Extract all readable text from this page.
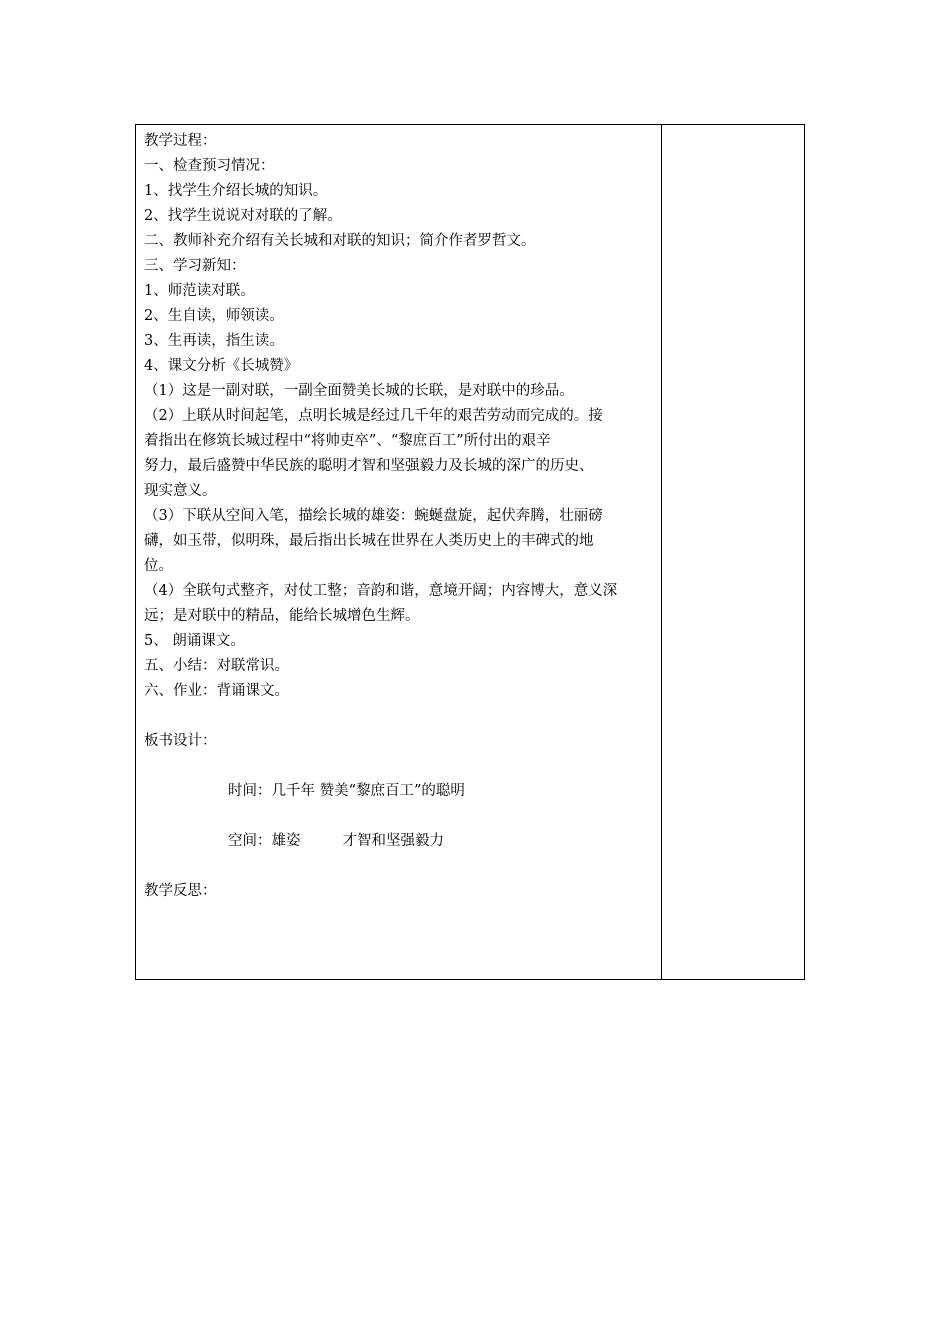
教学过程：
一、检查预习情况：
1、找学生介绍长城的知识。
2、找学生说说对对联的了解。
二、教师补充介绍有关长城和对联的知识；简介作者罗哲文。
三、学习新知：
1、师范读对联。
2、生自读，师领读。
3、生再读，指生读。
4、课文分析《长城赞》
（1）这是一副对联，一副全面赞美长城的长联，是对联中的珍品。
（2）上联从时间起笔，点明长城是经过几千年的艰苦劳动而完成的。接
着指出在修筑长城过程中“将帅吏卒”、“黎庶百工”所付出的艰辛
努力，最后盛赞中华民族的聪明才智和坚强毅力及长城的深广的历史、
现实意义。
（3）下联从空间入笔，描绘长城的雄姿：蜿蜒盘旋，起伏奔腾，壮丽磅
礴，如玉带，似明珠，最后指出长城在世界在人类历史上的丰碑式的地
位。
（4）全联句式整齐，对仗工整；音韵和谐，意境开阔；内容博大，意义深
远；是对联中的精品，能给长城增色生辉。
5、 朗诵课文。
五、小结：对联常识。
六、作业：背诵课文。
板书设计：
时间：几千年 赞美“黎庶百工”的聪明
空间：雄姿	才智和坚强毅力
教学反思：
